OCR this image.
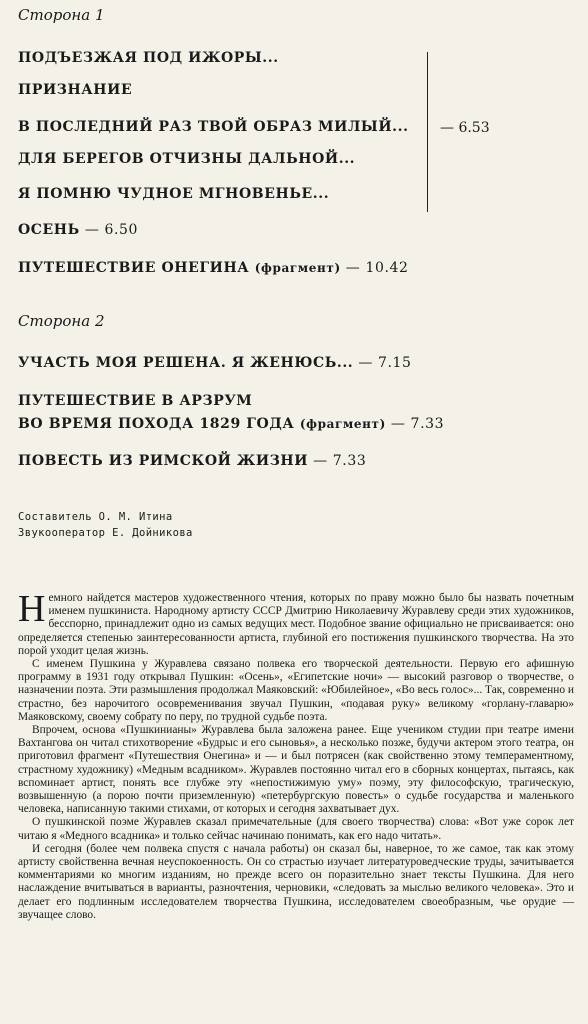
Сторона 1
ПОДЪЕЗЖАЯ ПОД ИЖОРЫ...
ПРИЗНАНИЕ
В ПОСЛЕДНИЙ РАЗ ТВОЙ ОБРАЗ МИЛЫЙ...
ДЛЯ БЕРЕГОВ ОТЧИЗНЫ ДАЛЬНОЙ...
Я ПОМНЮ ЧУДНОЕ МГНОВЕНЬЕ...
— 6.53
ОСЕНЬ — 6.50
ПУТЕШЕСТВИЕ ОНЕГИНА (фрагмент) — 10.42
Сторона 2
УЧАСТЬ МОЯ РЕШЕНА. Я ЖЕНЮСЬ... — 7.15
ПУТЕШЕСТВИЕ В АРЗРУМ
ВО ВРЕМЯ ПОХОДА 1829 ГОДА (фрагмент) — 7.33
ПОВЕСТЬ ИЗ РИМСКОЙ ЖИЗНИ — 7.33
Составитель О. М. Итина
Звукооператор Е. Дойникова

Немного найдется мастеров художественного чтения, которых по праву можно было бы назвать почетным именем пушкиниста. Народному артисту СССР Дмитрию Николаевичу Журавлеву среди этих художников, бесспорно, принадлежит одно из самых ведущих мест. Подобное звание официально не присваивается: оно определяется степенью заинтересованности артиста, глубиной его постижения пушкинского творчества. На это порой уходит целая жизнь.

С именем Пушкина у Журавлева связано полвека его творческой деятельности. Первую его афишную программу в 1931 году открывал Пушкин: «Осень», «Египетские ночи» — высокий разговор о творчестве, о назначении поэта. Эти размышления продолжал Маяковский: «Юбилейное», «Во весь голос»... Так, современно и страстно, без нарочитого осовременивания звучал Пушкин, «подавая руку» великому «горлану-главарю» Маяковскому, своему собрату по перу, по трудной судьбе поэта.

Впрочем, основа «Пушкинианы» Журавлева была заложена ранее. Еще учеником студии при театре имени Вахтангова он читал стихотворение «Будрыс и его сыновья», а несколько позже, будучи актером этого театра, он приготовил фрагмент «Путешествия Онегина» и — и был потрясен (как свойственно этому темпераментному, страстному художнику) «Медным всадником». Журавлев постоянно читал его в сборных концертах, пытаясь, как вспоминает артист, понять все глубже эту «непостижимую уму» поэму, эту философскую, трагическую, возвышенную (а порою почти приземленную) «петербургскую повесть» о судьбе государства и маленького человека, написанную такими стихами, от которых и сегодня захватывает дух.

О пушкинской поэме Журавлев сказал примечательные (для своего творчества) слова: «Вот уже сорок лет читаю я «Медного всадника» и только сейчас начинаю понимать, как его надо читать».

И сегодня (более чем полвека спустя с начала работы) он сказал бы, наверное, то же самое, так как этому артисту свойственна вечная неуспокоенность. Он со страстью изучает литературоведческие труды, зачитывается комментариями ко многим изданиям, но прежде всего он поразительно знает тексты Пушкина. Для него наслаждение вчитываться в варианты, разночтения, черновики, «следовать за мыслью великого человека». Это и делает его подлинным исследователем творчества Пушкина, исследователем своеобразным, чье орудие — звучащее слово.
